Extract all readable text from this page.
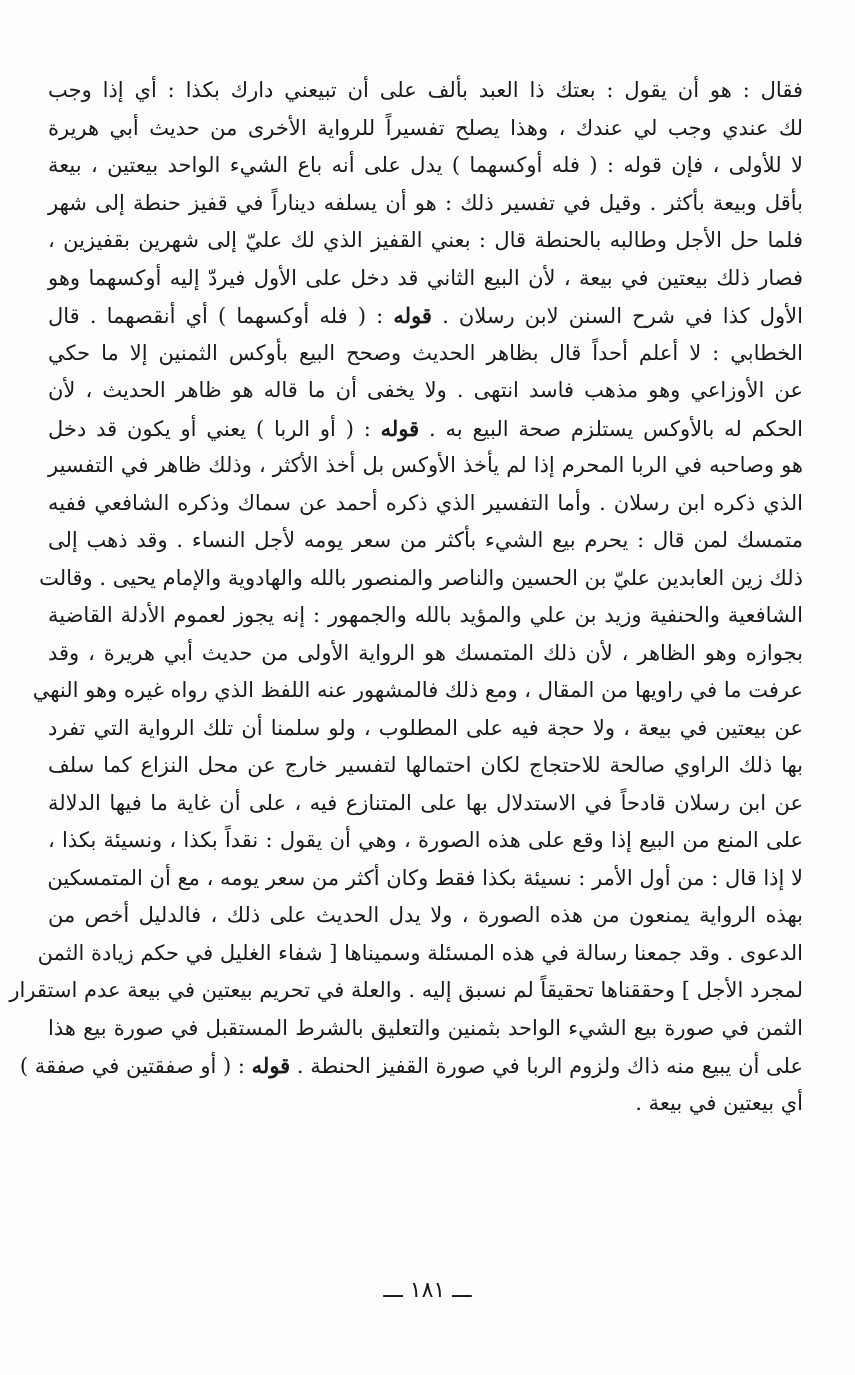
فقال : هو أن يقول : بعتك ذا العبد بألف على أن تبيعني دارك بكذا : أي إذا وجب
لك عندي وجب لي عندك ، وهذا يصلح تفسيراً للرواية الأخرى من حديث أبي هريرة
لا للأولى ، فإن قوله : ( فله أوكسهما ) يدل على أنه باع الشيء الواحد بيعتين ، بيعة
بأقل وبيعة بأكثر . وقيل في تفسير ذلك : هو أن يسلفه ديناراً في قفيز حنطة إلى شهر
فلما حل الأجل وطالبه بالحنطة قال : بعني القفيز الذي لك عليّ إلى شهرين بقفيزين ،
فصار ذلك بيعتين في بيعة ، لأن البيع الثاني قد دخل على الأول فيردّ إليه أوكسهما وهو
الأول كذا في شرح السنن لابن رسلان . قوله : ( فله أوكسهما ) أي أنقصهما . قال
الخطابي : لا أعلم أحداً قال بظاهر الحديث وصحح البيع بأوكس الثمنين إلا ما حكي
عن الأوزاعي وهو مذهب فاسد انتهى . ولا يخفى أن ما قاله هو ظاهر الحديث ، لأن
الحكم له بالأوكس يستلزم صحة البيع به . قوله : ( أو الربا ) يعني أو يكون قد دخل
هو وصاحبه في الربا المحرم إذا لم يأخذ الأوكس بل أخذ الأكثر ، وذلك ظاهر في التفسير
الذي ذكره ابن رسلان . وأما التفسير الذي ذكره أحمد عن سماك وذكره الشافعي ففيه
متمسك لمن قال : يحرم بيع الشيء بأكثر من سعر يومه لأجل النساء . وقد ذهب إلى
ذلك زين العابدين عليّ بن الحسين والناصر والمنصور بالله والهادوية والإمام يحيى . وقالت
الشافعية والحنفية وزيد بن علي والمؤيد بالله والجمهور : إنه يجوز لعموم الأدلة القاضية
بجوازه وهو الظاهر ، لأن ذلك المتمسك هو الرواية الأولى من حديث أبي هريرة ، وقد
عرفت ما في راويها من المقال ، ومع ذلك فالمشهور عنه اللفظ الذي رواه غيره وهو النهي
عن بيعتين في بيعة ، ولا حجة فيه على المطلوب ، ولو سلمنا أن تلك الرواية التي تفرد
بها ذلك الراوي صالحة للاحتجاج لكان احتمالها لتفسير خارج عن محل النزاع كما سلف
عن ابن رسلان قادحاً في الاستدلال بها على المتنازع فيه ، على أن غاية ما فيها الدلالة
على المنع من البيع إذا وقع على هذه الصورة ، وهي أن يقول : نقداً بكذا ، ونسيئة بكذا ،
لا إذا قال : من أول الأمر : نسيئة بكذا فقط وكان أكثر من سعر يومه ، مع أن المتمسكين
بهذه الرواية يمنعون من هذه الصورة ، ولا يدل الحديث على ذلك ، فالدليل أخص من
الدعوى . وقد جمعنا رسالة في هذه المسئلة وسميناها [ شفاء الغليل في حكم زيادة الثمن
لمجرد الأجل ] وحققناها تحقيقاً لم نسبق إليه . والعلة في تحريم بيعتين في بيعة عدم استقرار
الثمن في صورة بيع الشيء الواحد بثمنين والتعليق بالشرط المستقبل في صورة بيع هذا
على أن يبيع منه ذاك ولزوم الربا في صورة القفيز الحنطة . قوله : ( أو صفقتين في صفقة )
أي بيعتين في بيعة .
ـــ ١٨١ ـــ
